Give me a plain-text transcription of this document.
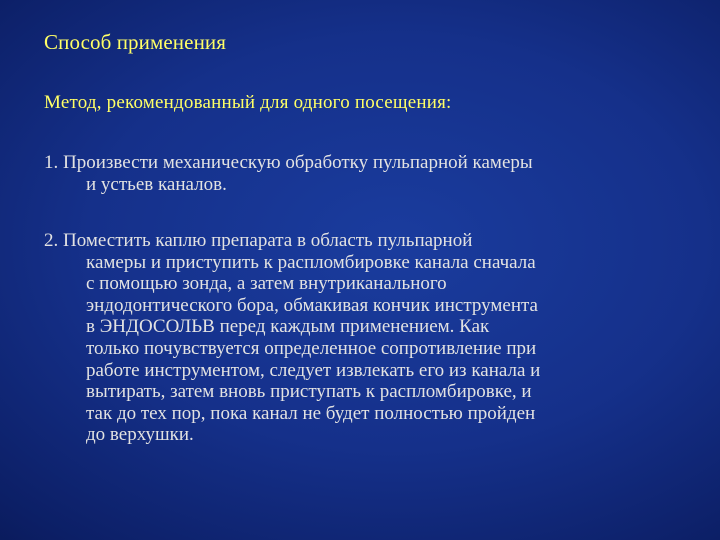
Способ применения
Метод, рекомендованный для одного посещения:
1. Произвести механическую обработку пульпарной камеры
и устьев каналов.
2. Поместить каплю препарата в область пульпарной
камеры и приступить к распломбировке канала сначала
с помощью зонда, а затем внутриканального
эндодонтического бора, обмакивая кончик инструмента
в ЭНДОСОЛЬВ перед каждым применением. Как
только почувствуется определенное сопротивление при
работе инструментом, следует извлекать его из канала и
вытирать, затем вновь приступать к распломбировке, и
так до тех пор, пока канал не будет полностью пройден
до верхушки.
